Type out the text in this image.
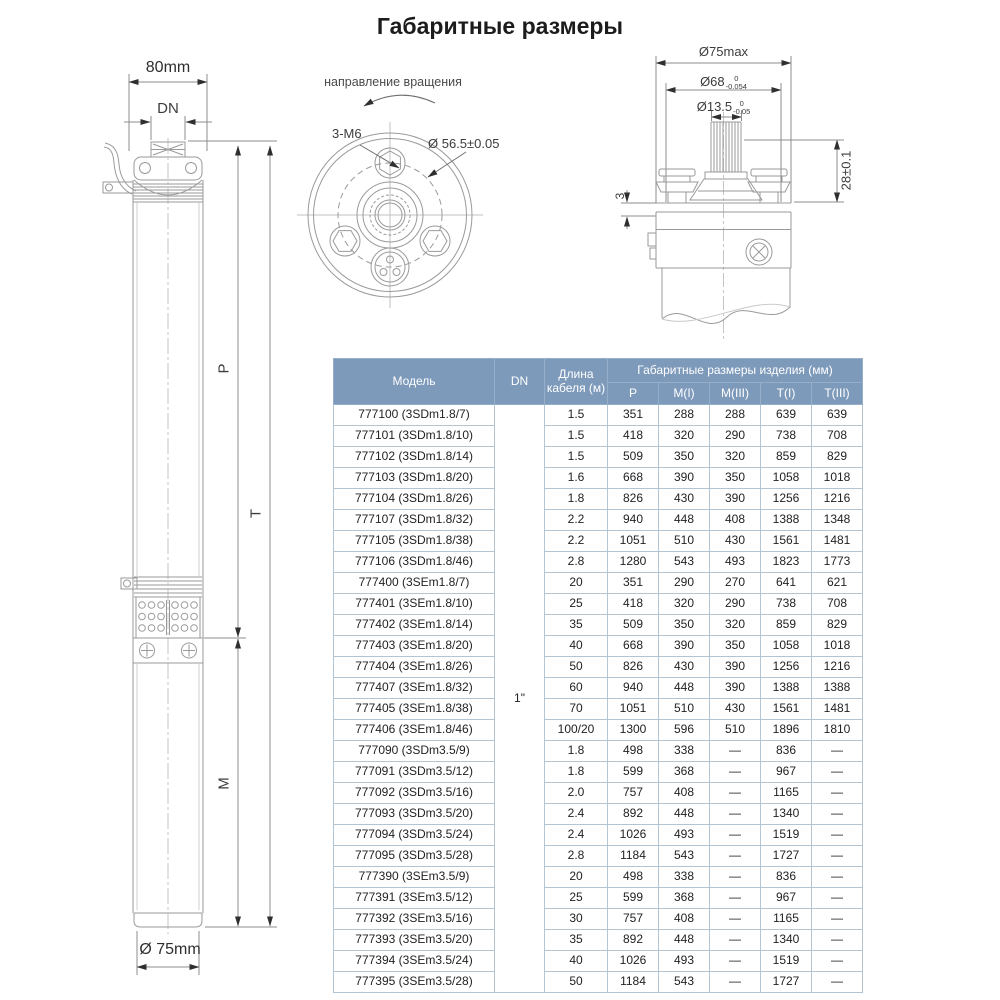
Габаритные размеры
80mm
DN
P
T
M
Ø 75mm
направление вращения
3-М6
Ø 56.5±0.05
Ø75max
Ø68	0
-0.054
Ø13.5 0
-0.05
28±0.1
3
Модель	DN	Длина кабеля (м)	Габаритные размеры изделия (мм)				
			P	M(I)	M(III)	T(I)	T(III)
777100 (3SDm1.8/7)	1"	1.5	351	288	288	639	639
777101 (3SDm1.8/10)		1.5	418	320	290	738	708
777102 (3SDm1.8/14)		1.5	509	350	320	859	829
777103 (3SDm1.8/20)		1.6	668	390	350	1058	1018
777104 (3SDm1.8/26)		1.8	826	430	390	1256	1216
777107 (3SDm1.8/32)		2.2	940	448	408	1388	1348
777105 (3SDm1.8/38)		2.2	1051	510	430	1561	1481
777106 (3SDm1.8/46)		2.8	1280	543	493	1823	1773
777400 (3SEm1.8/7)		20	351	290	270	641	621
777401 (3SEm1.8/10)		25	418	320	290	738	708
777402 (3SEm1.8/14)		35	509	350	320	859	829
777403 (3SEm1.8/20)		40	668	390	350	1058	1018
777404 (3SEm1.8/26)		50	826	430	390	1256	1216
777407 (3SEm1.8/32)		60	940	448	390	1388	1388
777405 (3SEm1.8/38)		70	1051	510	430	1561	1481
777406 (3SEm1.8/46)		100/20	1300	596	510	1896	1810
777090 (3SDm3.5/9)		1.8	498	338	—	836	—
777091 (3SDm3.5/12)		1.8	599	368	—	967	—
777092 (3SDm3.5/16)		2.0	757	408	—	1165	—
777093 (3SDm3.5/20)		2.4	892	448	—	1340	—
777094 (3SDm3.5/24)		2.4	1026	493	—	1519	—
777095 (3SDm3.5/28)		2.8	1184	543	—	1727	—
777390 (3SEm3.5/9)		20	498	338	—	836	—
777391 (3SEm3.5/12)		25	599	368	—	967	—
777392 (3SEm3.5/16)		30	757	408	—	1165	—
777393 (3SEm3.5/20)		35	892	448	—	1340	—
777394 (3SEm3.5/24)		40	1026	493	—	1519	—
777395 (3SEm3.5/28)		50	1184	543	—	1727	—
